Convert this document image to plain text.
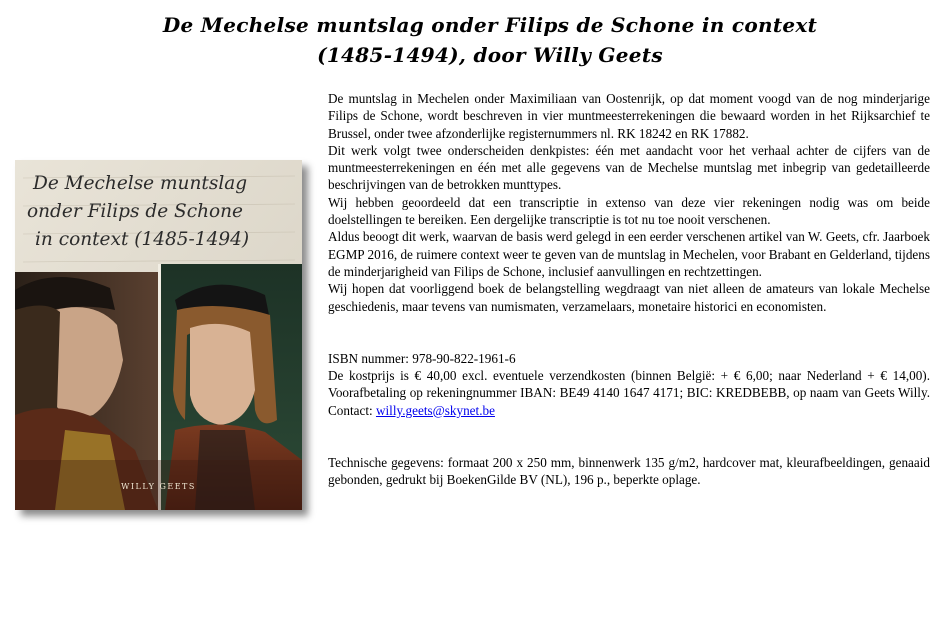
De Mechelse muntslag onder Filips de Schone in context
(1485-1494), door Willy Geets
De Mechelse muntslag
onder Filips de Schone
in context (1485-1494)
WILLY GEETS

De muntslag in Mechelen onder Maximiliaan van Oostenrijk, op dat moment voogd van de nog minderjarige Filips de Schone, wordt beschreven in vier muntmeesterrekeningen die bewaard worden in het Rijksarchief te Brussel, onder twee afzonderlijke registernummers nl. RK 18242 en RK 17882.

Dit werk volgt twee onderscheiden denkpistes: één met aandacht voor het verhaal achter de cijfers van de muntmeesterrekeningen en één met alle gegevens van de Mechelse muntslag met inbegrip van gedetailleerde beschrijvingen van de betrokken munttypes.

Wij hebben geoordeeld dat een transcriptie in extenso van deze vier rekeningen nodig was om beide doelstellingen te bereiken. Een dergelijke transcriptie is tot nu toe nooit verschenen.

Aldus beoogt dit werk, waarvan de basis werd gelegd in een eerder verschenen artikel van W. Geets, cfr. Jaarboek EGMP 2016, de ruimere context weer te geven van de muntslag in Mechelen, voor Brabant en Gelderland, tijdens de minderjarigheid van Filips de Schone, inclusief aanvullingen en rechtzettingen.

Wij hopen dat voorliggend boek de belangstelling wegdraagt van niet alleen de amateurs van lokale Mechelse geschiedenis, maar tevens van numismaten, verzamelaars, monetaire historici en economisten.

ISBN nummer: 978-90-822-1961-6

De kostprijs is € 40,00 excl. eventuele verzendkosten (binnen België: + € 6,00; naar Nederland + € 14,00). Voorafbetaling op rekeningnummer IBAN: BE49 4140 1647 4171; BIC: KREDBEBB, op naam van Geets Willy. Contact: willy.geets@skynet.be

Technische gegevens: formaat 200 x 250 mm, binnenwerk 135 g/m2, hardcover mat, kleurafbeeldingen, genaaid gebonden, gedrukt bij BoekenGilde BV (NL), 196 p., beperkte oplage.
